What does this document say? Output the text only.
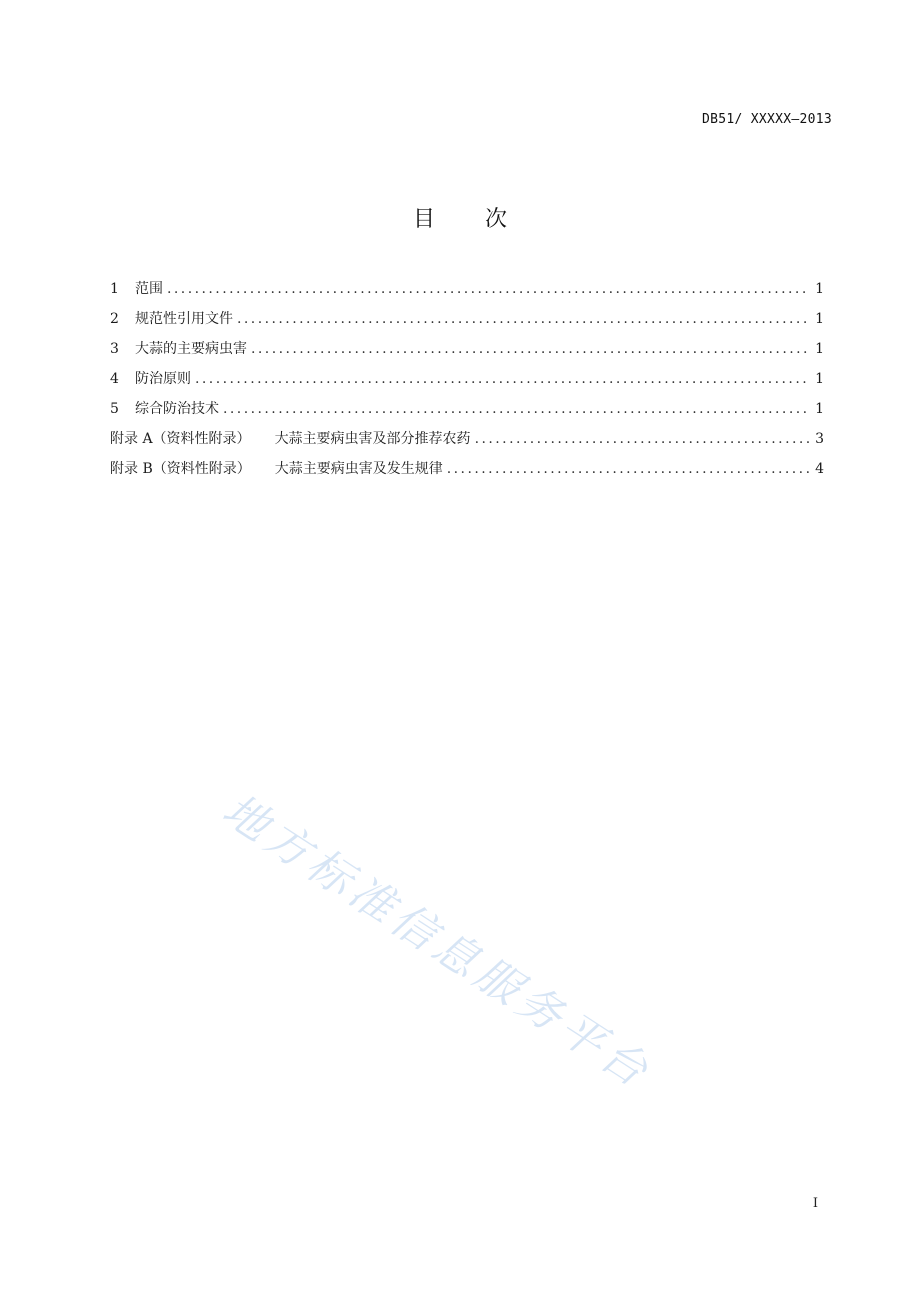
DB51/ XXXXX—2013
目次
1	范围 . . .	1
2	规范性引用文件 . . .	1
3	大蒜的主要病虫害 . . .	1
4	防治原则 . . .	1
5	综合防治技术 . . .	1
附录 A（资料性附录） 大蒜主要病虫害及部分推荐农药 . . .	3
附录 B（资料性附录） 大蒜主要病虫害及发生规律 . . .	4
地方标准信息服务平台
I
